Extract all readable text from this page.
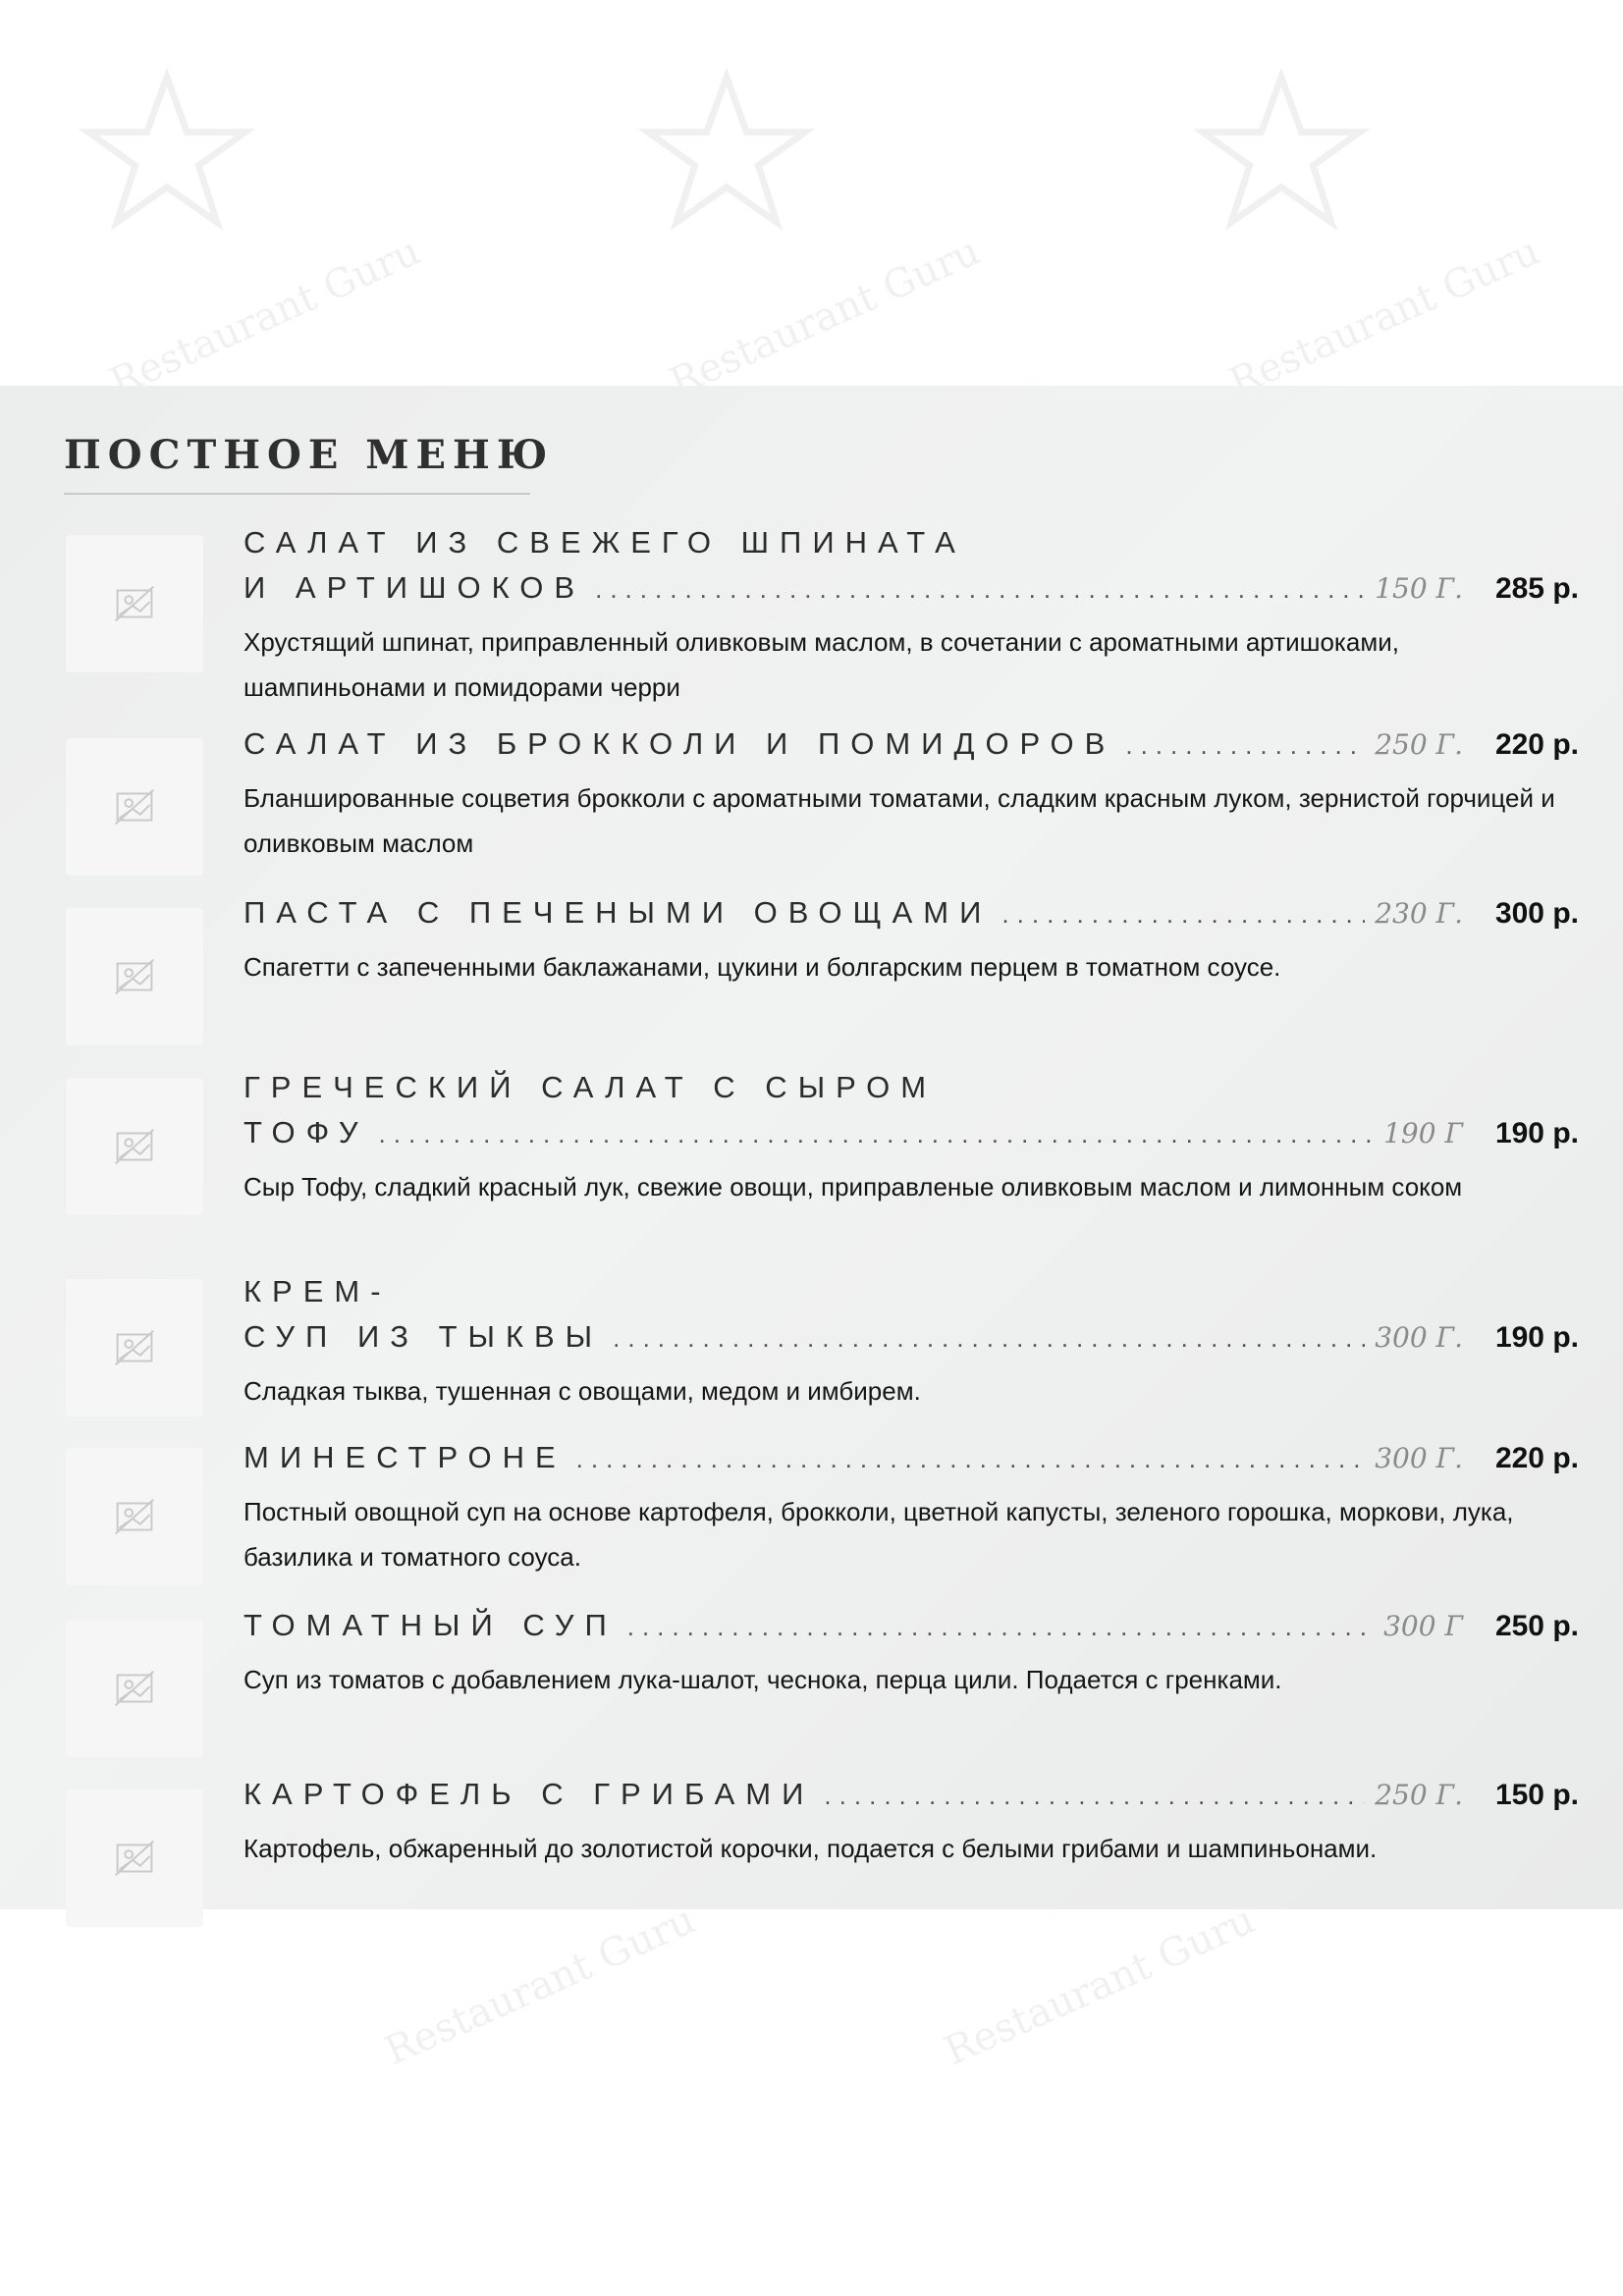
Restaurant Guru	Restaurant Guru	Restaurant Guru
Restaurant Guru	Restaurant Guru
ПОСТНОЕ МЕНЮ
САЛАТ ИЗ СВЕЖЕГО ШПИНАТА
И АРТИШОКОВ .....	150 Г. 285 р.
Хрустящий шпинат, приправленный оливковым маслом, в сочетании с ароматными артишоками, шампиньонами и помидорами черри
САЛАТ ИЗ БРОККОЛИ И ПОМИДОРОВ .....	250 Г. 220 р.
Бланшированные соцветия брокколи с ароматными томатами, сладким красным луком, зернистой горчицей и оливковым маслом
ПАСТА С ПЕЧЕНЫМИ ОВОЩАМИ .....	230 Г. 300 р.
Спагетти с запеченными баклажанами, цукини и болгарским перцем в томатном соусе.
ГРЕЧЕСКИЙ САЛАТ С СЫРОМ
ТОФУ .....	190 Г 190 р.
Сыр Тофу, сладкий красный лук, свежие овощи, приправленые оливковым маслом и лимонным соком
КРЕМ-
СУП ИЗ ТЫКВЫ .....	300 Г. 190 р.
Сладкая тыква, тушенная с овощами, медом и имбирем.
МИНЕСТРОНЕ .....	300 Г. 220 р.
Постный овощной суп на основе картофеля, брокколи, цветной капусты, зеленого горошка, моркови, лука, базилика и томатного соуса.
ТОМАТНЫЙ СУП .....	300 Г 250 р.
Суп из томатов с добавлением лука-шалот, чеснока, перца цили. Подается с гренками.
КАРТОФЕЛЬ С ГРИБАМИ .....	250 Г. 150 р.
Картофель, обжаренный до золотистой корочки, подается с белыми грибами и шампиньонами.
